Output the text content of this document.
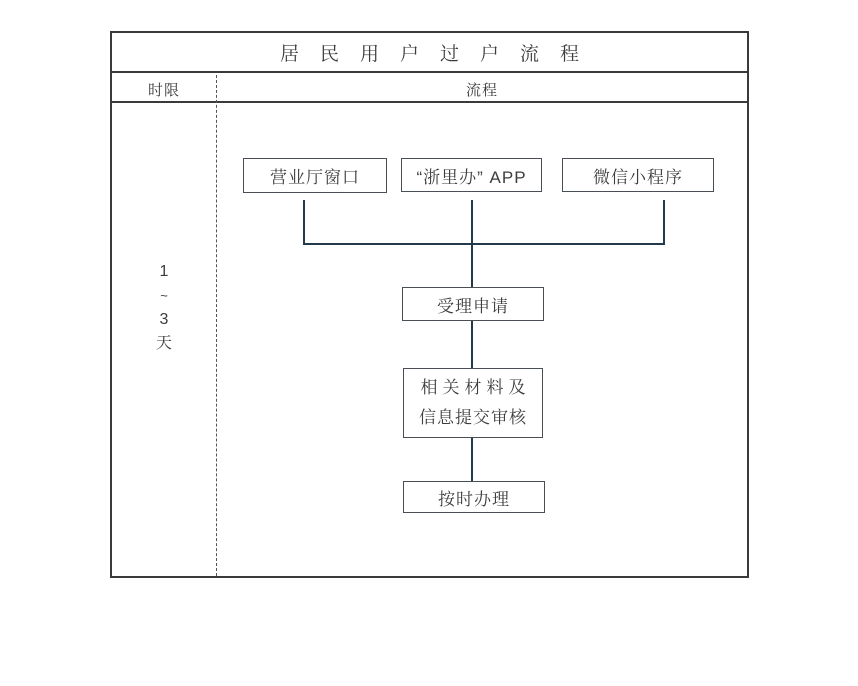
居民用户过户流程
时限	流程
1
~
3
天
营业厅窗口	“浙里办” APP	微信小程序
受理申请
相关材料及
信息提交审核
按时办理
